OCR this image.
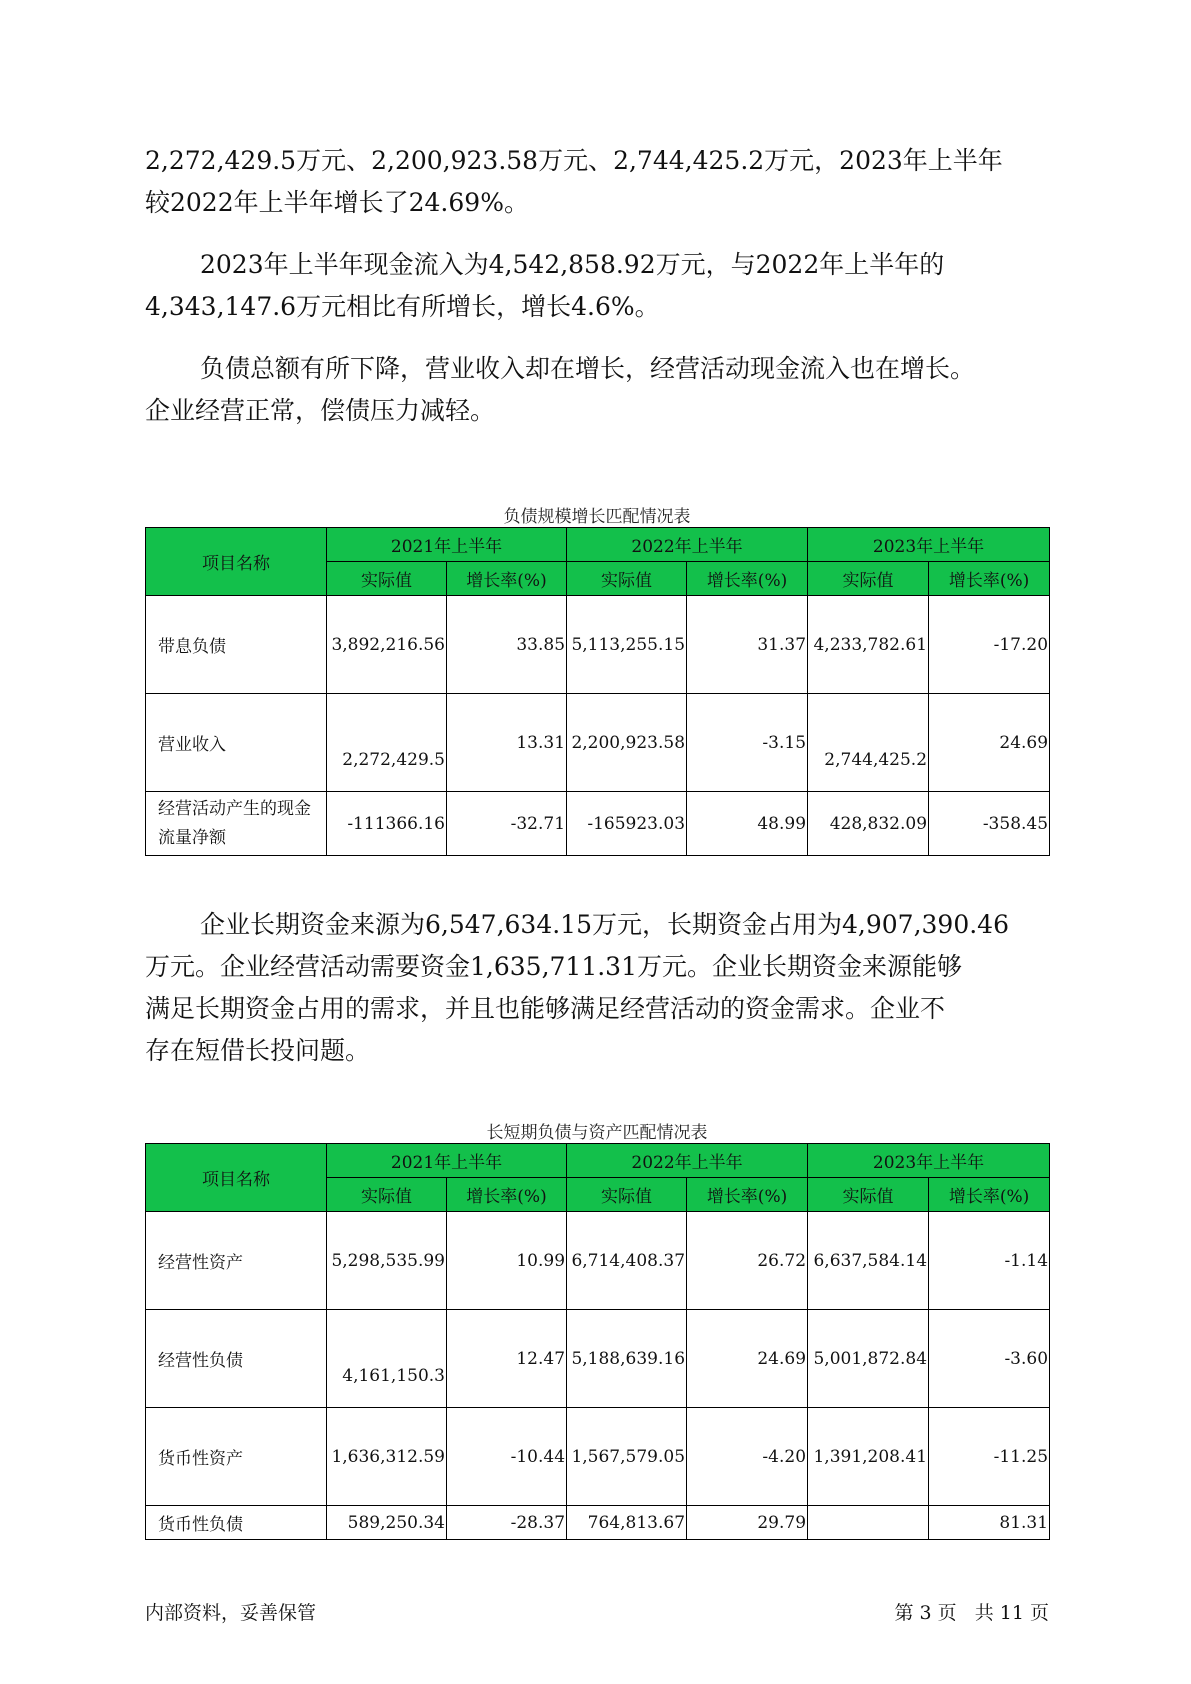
2,272,429.5万元、2,200,923.58万元、2,744,425.2万元，2023年上半年
较2022年上半年增长了24.69%。

2023年上半年现金流入为4,542,858.92万元，与2022年上半年的
4,343,147.6万元相比有所增长，增长4.6%。

负债总额有所下降，营业收入却在增长，经营活动现金流入也在增长。
企业经营正常，偿债压力减轻。

负债规模增长匹配情况表
项目名称	2021年上半年		2022年上半年		2023年上半年	
	实际值	增长率(%)	实际值	增长率(%)	实际值	增长率(%)
带息负债	3,892,216.56	33.85	5,113,255.15	31.37	4,233,782.61	-17.20
营业收入	2,272,429.5	13.31	2,200,923.58	-3.15	2,744,425.2	24.69
经营活动产生的现金流量净额	-111366.16	-32.71	-165923.03	48.99	428,832.09	-358.45

企业长期资金来源为6,547,634.15万元，长期资金占用为4,907,390.46
万元。企业经营活动需要资金1,635,711.31万元。企业长期资金来源能够
满足长期资金占用的需求，并且也能够满足经营活动的资金需求。企业不
存在短借长投问题。

长短期负债与资产匹配情况表
项目名称	2021年上半年		2022年上半年		2023年上半年	
	实际值	增长率(%)	实际值	增长率(%)	实际值	增长率(%)
经营性资产	5,298,535.99	10.99	6,714,408.37	26.72	6,637,584.14	-1.14
经营性负债	4,161,150.3	12.47	5,188,639.16	24.69	5,001,872.84	-3.60
货币性资产	1,636,312.59	-10.44	1,567,579.05	-4.20	1,391,208.41	-11.25
货币性负债	589,250.34	-28.37	764,813.67	29.79		81.31
内部资料，妥善保管	第 3 页   共 11 页
